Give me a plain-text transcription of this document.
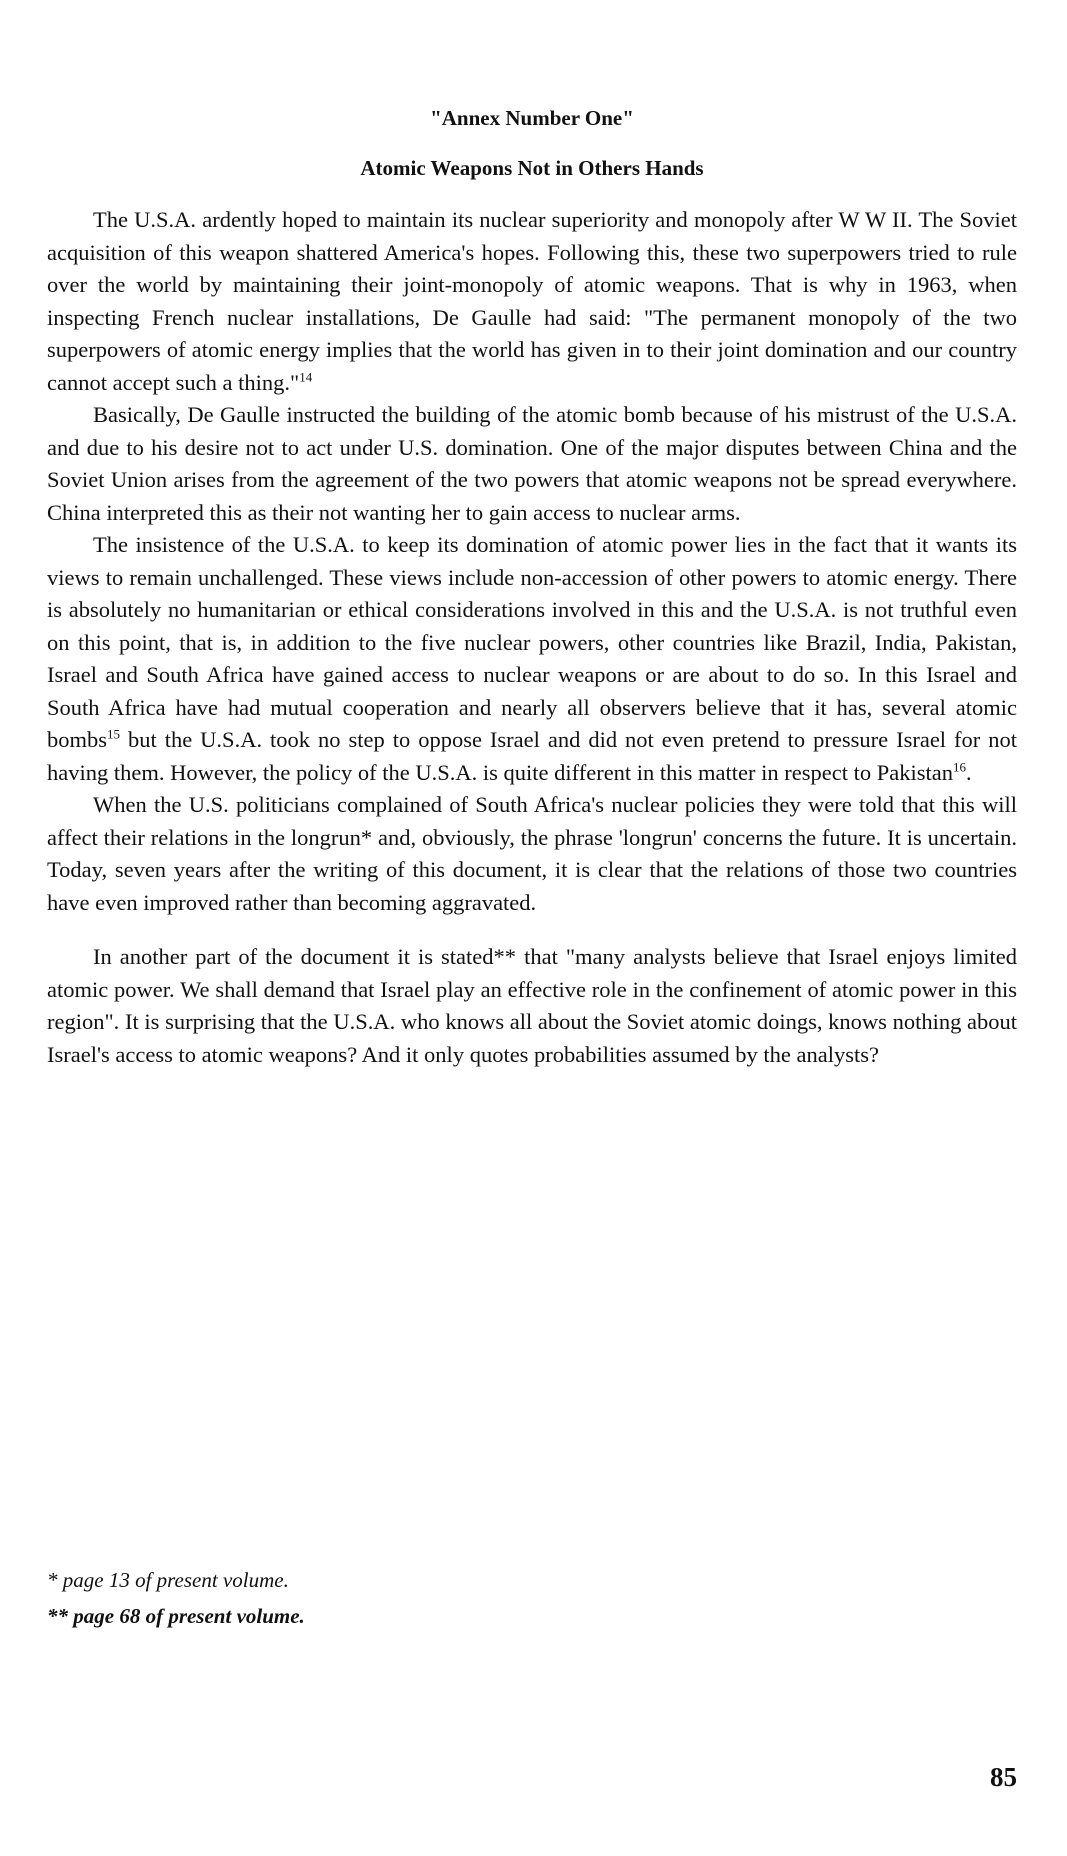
"Annex Number One"
Atomic Weapons Not in Others Hands

The U.S.A. ardently hoped to maintain its nuclear superiority and monopoly after W W II. The Soviet acquisition of this weapon shattered America's hopes. Following this, these two superpowers tried to rule over the world by maintaining their joint-monopoly of atomic weapons. That is why in 1963, when inspecting French nuclear installations, De Gaulle had said: "The permanent monopoly of the two superpowers of atomic energy implies that the world has given in to their joint domination and our country cannot accept such a thing."$^{14}$

Basically, De Gaulle instructed the building of the atomic bomb because of his mistrust of the U.S.A. and due to his desire not to act under U.S. domination. One of the major disputes between China and the Soviet Union arises from the agreement of the two powers that atomic weapons not be spread everywhere. China interpreted this as their not wanting her to gain access to nuclear arms.

The insistence of the U.S.A. to keep its domination of atomic power lies in the fact that it wants its views to remain unchallenged. These views include non-accession of other powers to atomic energy. There is absolutely no humanitarian or ethical considerations involved in this and the U.S.A. is not truthful even on this point, that is, in addition to the five nuclear powers, other countries like Brazil, India, Pakistan, Israel and South Africa have gained access to nuclear weapons or are about to do so. In this Israel and South Africa have had mutual cooperation and nearly all observers believe that it has, several atomic bombs$^{15}$ but the U.S.A. took no step to oppose Israel and did not even pretend to pressure Israel for not having them. However, the policy of the U.S.A. is quite different in this matter in respect to Pakistan$^{16}$.

When the U.S. politicians complained of South Africa's nuclear policies they were told that this will affect their relations in the longrun* and, obviously, the phrase 'longrun' concerns the future. It is uncertain. Today, seven years after the writing of this document, it is clear that the relations of those two countries have even improved rather than becoming aggravated.

In another part of the document it is stated** that "many analysts believe that Israel enjoys limited atomic power. We shall demand that Israel play an effective role in the confinement of atomic power in this region". It is surprising that the U.S.A. who knows all about the Soviet atomic doings, knows nothing about Israel's access to atomic weapons? And it only quotes probabilities assumed by the analysts?

* page 13 of present volume.
** page 68 of present volume.
85
